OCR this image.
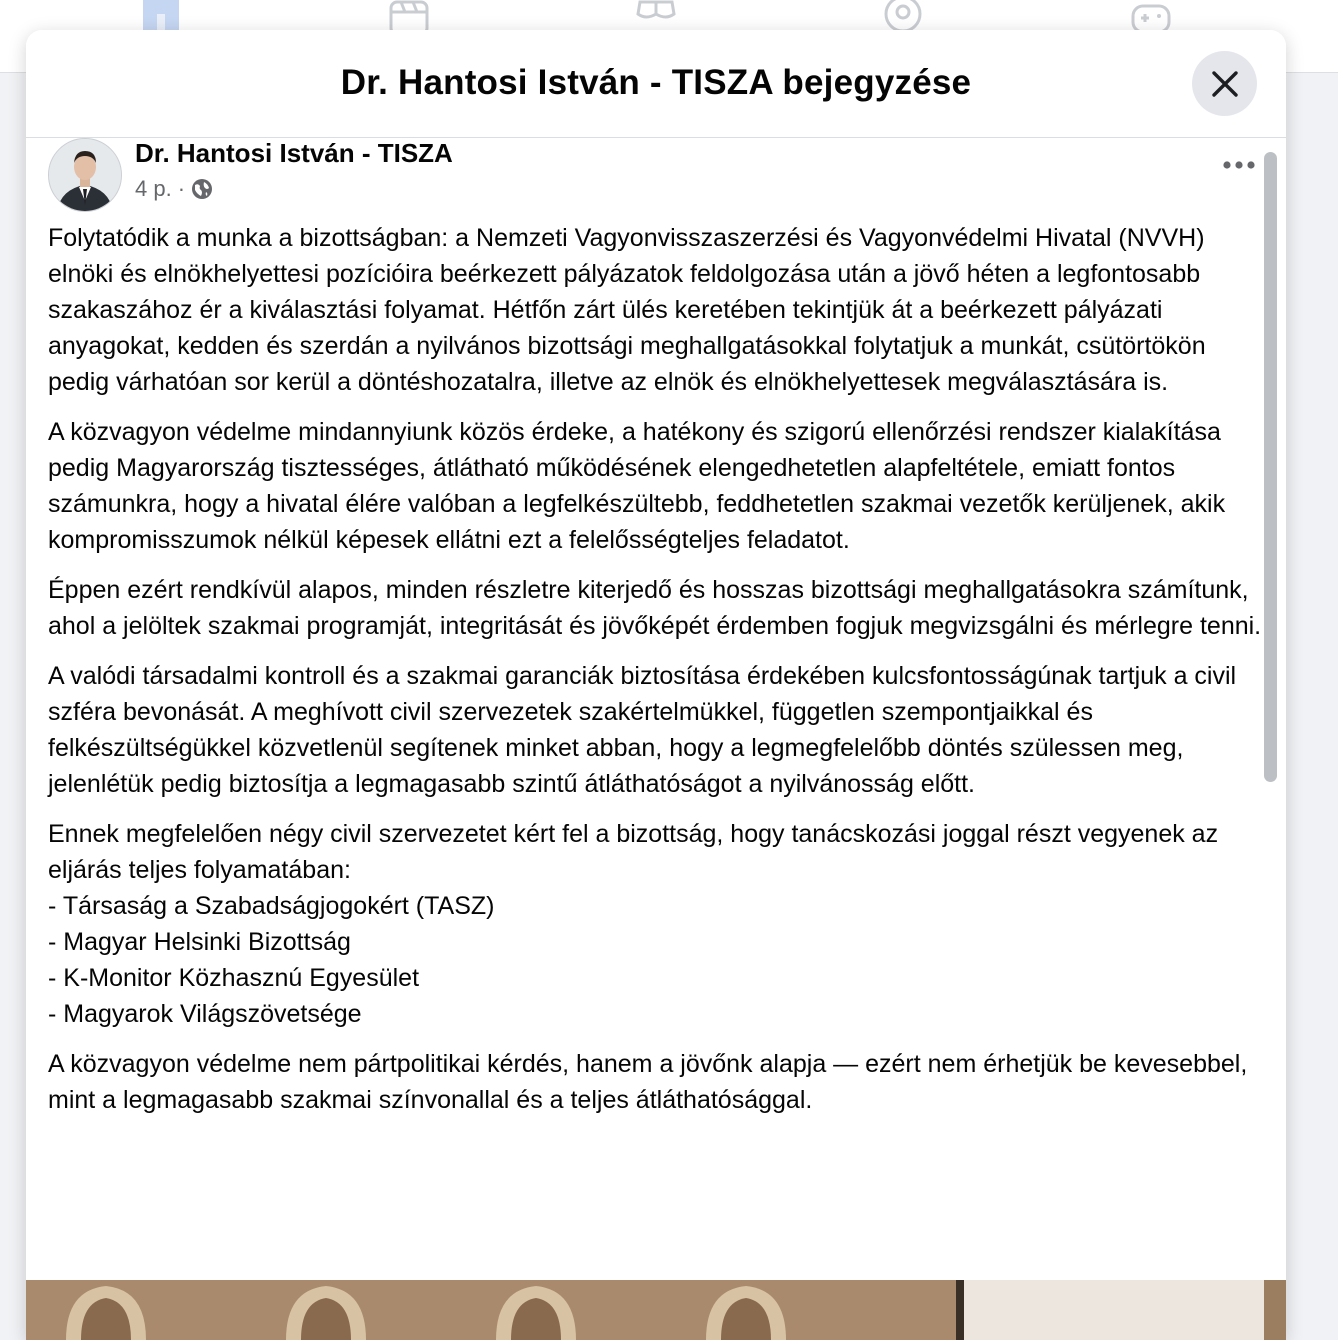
Dr. Hantosi István - TISZA bejegyzése
Dr. Hantosi István - TISZA
4 p. ·

Folytatódik a munka a bizottságban: a Nemzeti Vagyonvisszaszerzési és Vagyonvédelmi Hivatal (NVVH) elnöki és elnökhelyettesi pozícióira beérkezett pályázatok feldolgozása után a jövő héten a legfontosabb szakaszához ér a kiválasztási folyamat. Hétfőn zárt ülés keretében tekintjük át a beérkezett pályázati anyagokat, kedden és szerdán a nyilvános bizottsági meghallgatásokkal folytatjuk a munkát, csütörtökön pedig várhatóan sor kerül a döntéshozatalra, illetve az elnök és elnökhelyettesek megválasztására is.

A közvagyon védelme mindannyiunk közös érdeke, a hatékony és szigorú ellenőrzési rendszer kialakítása pedig Magyarország tisztességes, átlátható működésének elengedhetetlen alapfeltétele, emiatt fontos számunkra, hogy a hivatal élére valóban a legfelkészültebb, feddhetetlen szakmai vezetők kerüljenek, akik kompromisszumok nélkül képesek ellátni ezt a felelősségteljes feladatot.

Éppen ezért rendkívül alapos, minden részletre kiterjedő és hosszas bizottsági meghallgatásokra számítunk, ahol a jelöltek szakmai programját, integritását és jövőképét érdemben fogjuk megvizsgálni és mérlegre tenni.

A valódi társadalmi kontroll és a szakmai garanciák biztosítása érdekében kulcsfontosságúnak tartjuk a civil szféra bevonását. A meghívott civil szervezetek szakértelmükkel, független szempontjaikkal és felkészültségükkel közvetlenül segítenek minket abban, hogy a legmegfelelőbb döntés szülessen meg, jelenlétük pedig biztosítja a legmagasabb szintű átláthatóságot a nyilvánosság előtt.

Ennek megfelelően négy civil szervezetet kért fel a bizottság, hogy tanácskozási joggal részt vegyenek az eljárás teljes folyamatában:
- Társaság a Szabadságjogokért (TASZ)
- Magyar Helsinki Bizottság
- K-Monitor Közhasznú Egyesület
- Magyarok Világszövetsége

A közvagyon védelme nem pártpolitikai kérdés, hanem a jövőnk alapja — ezért nem érhetjük be kevesebbel, mint a legmagasabb szakmai színvonallal és a teljes átláthatósággal.
